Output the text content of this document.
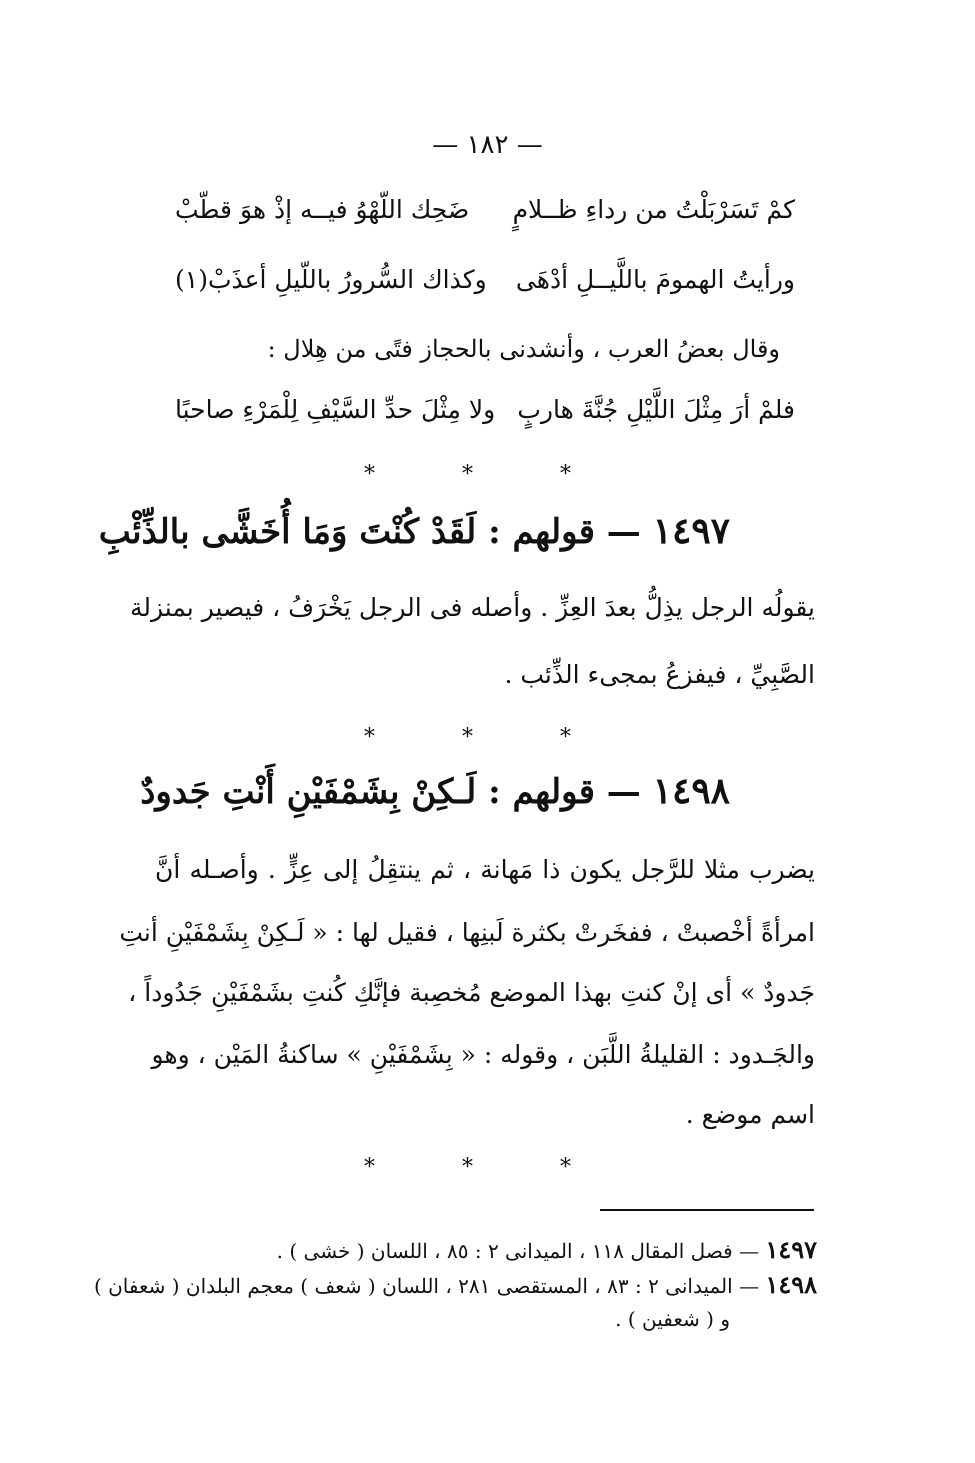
— ١٨٢ —
كمْ تَسَرْبَلْتُ من رداءِ ظــلامٍ
ضَحِك اللّهْوُ فيــه إذْ هوَ قطّبْ
ورأيتُ الهمومَ باللَّيــلِ أدْهَى
وكذاك السُّرورُ باللّيلِ أعذَبْ(١)
وقال بعضُ العرب ، وأنشدنى بالحجاز فتًى من هِلال :
فلمْ أرَ مِثْلَ اللَّيْلِ جُنَّةَ هاربٍ
ولا مِثْلَ حدِّ السَّيْفِ لِلْمَرْءِ صاحبًا
* * *
١٤٩٧ — قولهم : لَقَدْ كُنْتَ وَمَا أُخَشَّى بالذِّئْبِ
يقولُه الرجل يذِلُّ بعدَ العِزِّ . وأصله فى الرجل يَخْرَفُ ، فيصير بمنزلة
الصَّبِيِّ ، فيفزعُ بمجىء الذِّئب .
* * *
١٤٩٨ — قولهم : لَـكِنْ بِشَمْفَيْنِ أَنْتِ جَدودٌ
يضرب مثلا للرَّجل يكون ذا مَهانة ، ثم ينتقِلُ إلى عِزٍّ . وأصـله أنَّ
امرأةً أخْصبتْ ، ففخَرتْ بكثرة لَبنِها ، فقيل لها : « لَـكِنْ بِشَمْفَيْنِ أنتِ
جَدودٌ » أى إنْ كنتِ بهذا الموضع مُخصِبة فإنَّكِ كُنتِ بشَمْفَيْنِ جَدُوداً ،
والجَـدود : القليلةُ اللَّبَن ، وقوله : « بِشَمْفَيْنِ » ساكنةُ المَيْن ، وهو
اسم موضع .
* * *
١٤٩٧ — فصل المقال ١١٨ ، الميدانى ٢ : ٨٥ ، اللسان ( خشى ) .
١٤٩٨ — الميدانى ٢ : ٨٣ ، المستقصى ٢٨١ ، اللسان ( شعف ) معجم البلدان ( شعفان )
و ( شعفين ) .
